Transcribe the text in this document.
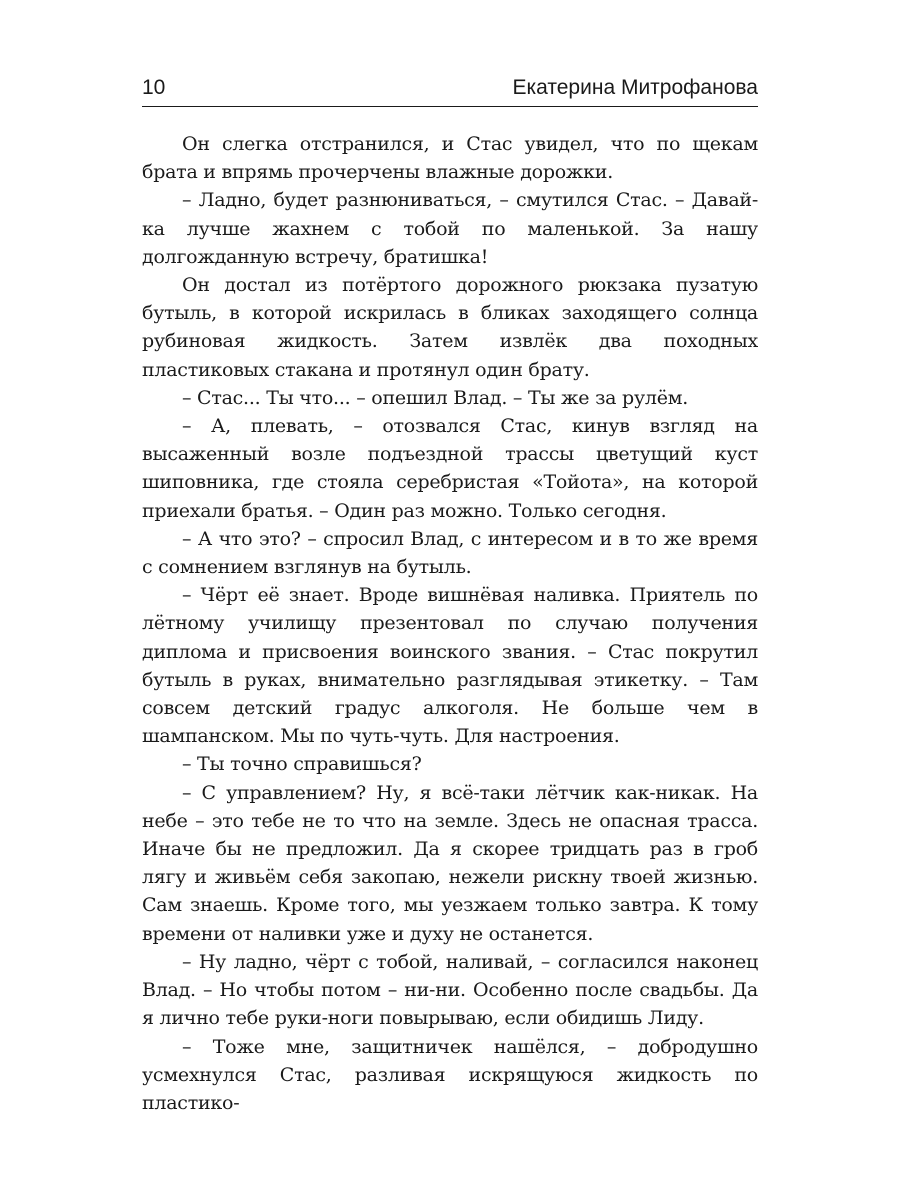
10	Екатерина Митрофанова

Он слегка отстранился, и Стас увидел, что по щекам брата и впрямь прочерчены влажные дорожки.

– Ладно, будет разнюниваться, – смутился Стас. – Давай-ка лучше жахнем с тобой по маленькой. За нашу долгожданную встречу, братишка!

Он достал из потёртого дорожного рюкзака пузатую бутыль, в которой искрилась в бликах заходящего солнца рубиновая жидкость. Затем извлёк два походных пластиковых стакана и протянул один брату.

– Стас... Ты что... – опешил Влад. – Ты же за рулём.

– А, плевать, – отозвался Стас, кинув взгляд на высаженный возле подъездной трассы цветущий куст шиповника, где стояла серебристая «Тойота», на которой приехали братья. – Один раз можно. Только сегодня.

– А что это? – спросил Влад, с интересом и в то же время с сомнением взглянув на бутыль.

– Чёрт её знает. Вроде вишнёвая наливка. Приятель по лётному училищу презентовал по случаю получения диплома и присвоения воинского звания. – Стас покрутил бутыль в руках, внимательно разглядывая этикетку. – Там совсем детский градус алкоголя. Не больше чем в шампанском. Мы по чуть-чуть. Для настроения.

– Ты точно справишься?

– С управлением? Ну, я всё-таки лётчик как-никак. На небе – это тебе не то что на земле. Здесь не опасная трасса. Иначе бы не предложил. Да я скорее тридцать раз в гроб лягу и живьём себя закопаю, нежели рискну твоей жизнью. Сам знаешь. Кроме того, мы уезжаем только завтра. К тому времени от наливки уже и духу не останется.

– Ну ладно, чёрт с тобой, наливай, – согласился наконец Влад. – Но чтобы потом – ни-ни. Особенно после свадьбы. Да я лично тебе руки-ноги повырываю, если обидишь Лиду.

– Тоже мне, защитничек нашёлся, – добродушно усмехнулся Стас, разливая искрящуюся жидкость по пластико-
